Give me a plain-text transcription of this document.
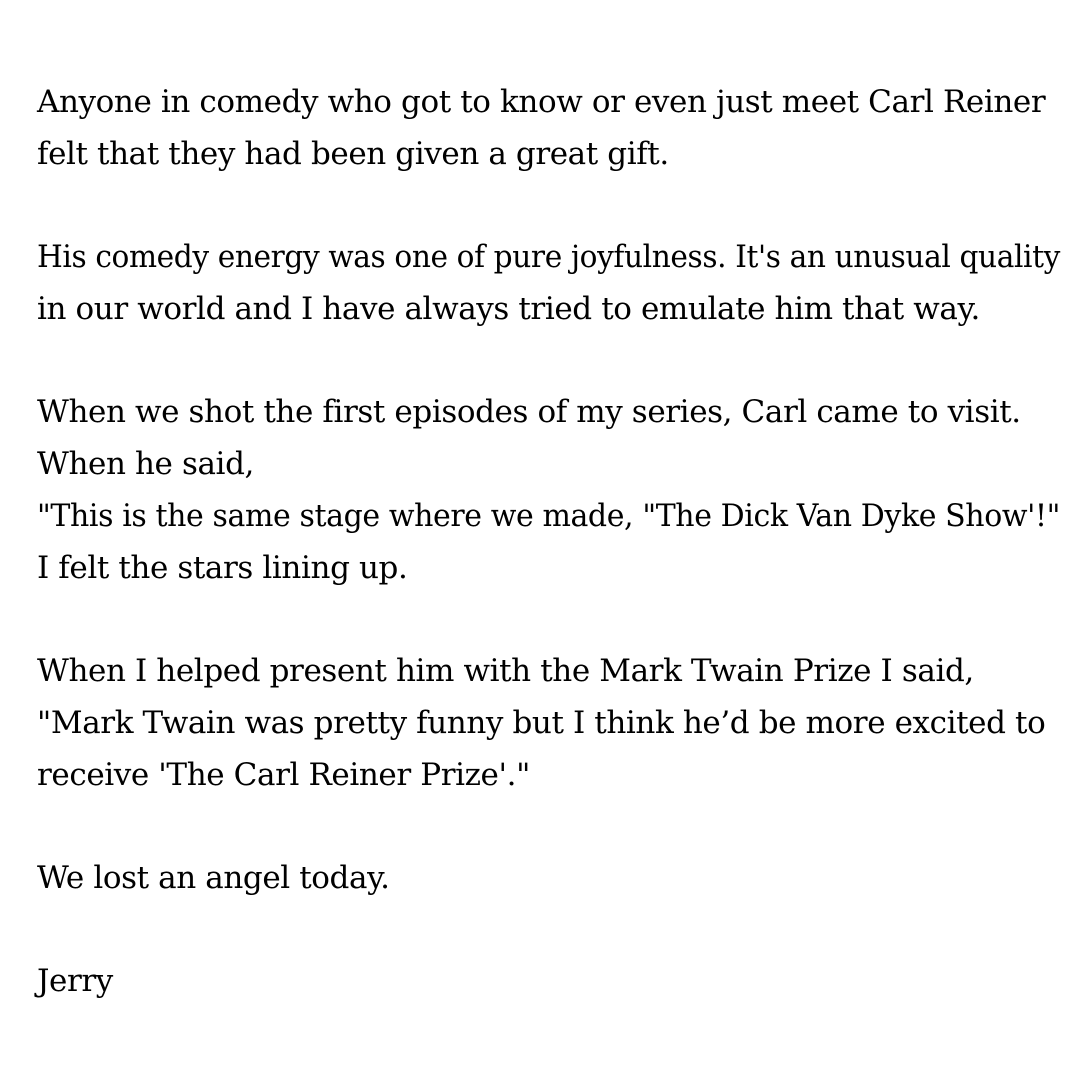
Anyone in comedy who got to know or even just meet Carl Reiner
felt that they had been given a great gift.
His comedy energy was one of pure joyfulness. It's an unusual quality
in our world and I have always tried to emulate him that way.
When we shot the first episodes of my series, Carl came to visit.
When he said,
"This is the same stage where we made, "The Dick Van Dyke Show'!"
I felt the stars lining up.
When I helped present him with the Mark Twain Prize I said,
"Mark Twain was pretty funny but I think he’d be more excited to
receive 'The Carl Reiner Prize'."
We lost an angel today.
Jerry
